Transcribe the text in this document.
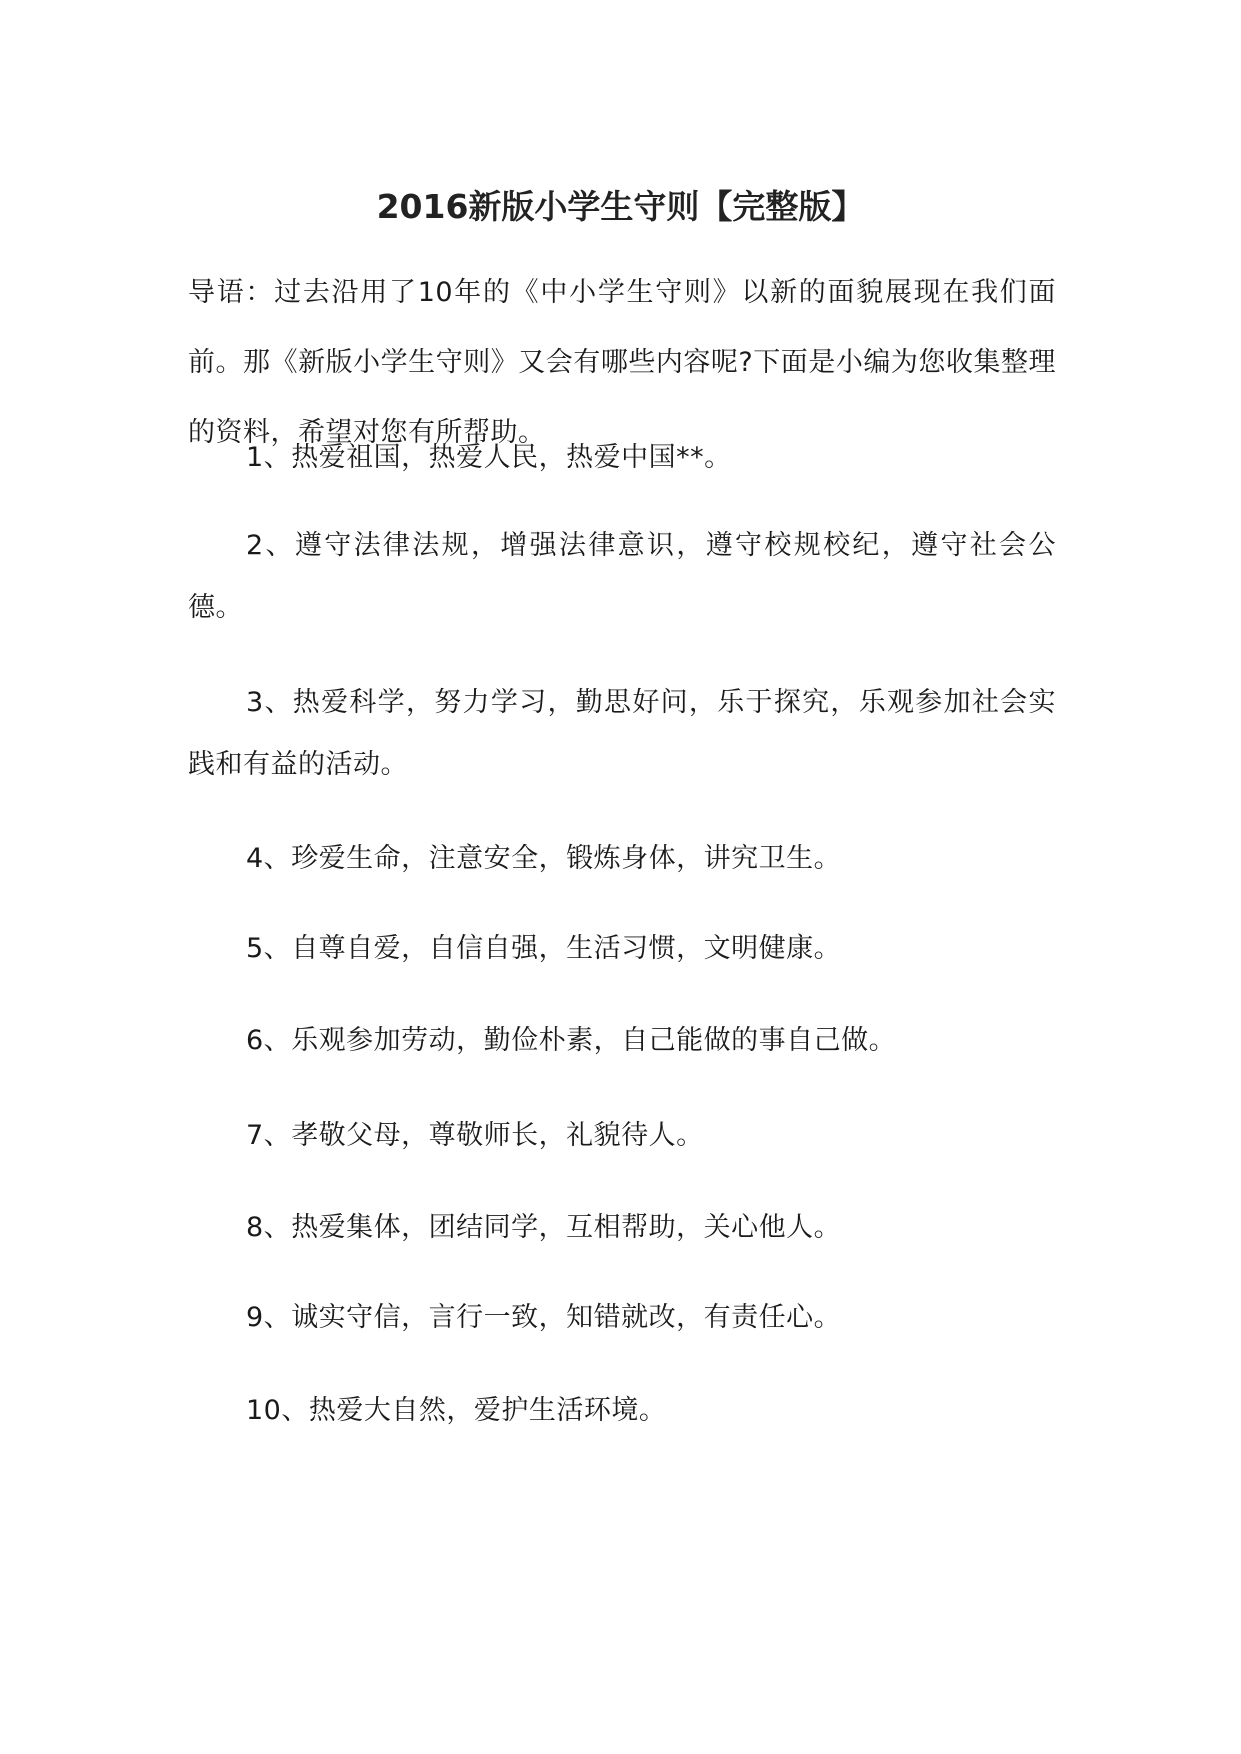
2016新版小学生守则【完整版】

导语：过去沿用了10年的《中小学生守则》以新的面貌展现在我们面前。那《新版小学生守则》又会有哪些内容呢?下面是小编为您收集整理的资料，希望对您有所帮助。

1、热爱祖国，热爱人民，热爱中国**。

2、遵守法律法规，增强法律意识，遵守校规校纪，遵守社会公德。

3、热爱科学，努力学习，勤思好问，乐于探究，乐观参加社会实践和有益的活动。

4、珍爱生命，注意安全，锻炼身体，讲究卫生。

5、自尊自爱，自信自强，生活习惯，文明健康。

6、乐观参加劳动，勤俭朴素，自己能做的事自己做。

7、孝敬父母，尊敬师长，礼貌待人。

8、热爱集体，团结同学，互相帮助，关心他人。

9、诚实守信，言行一致，知错就改，有责任心。

10、热爱大自然，爱护生活环境。
